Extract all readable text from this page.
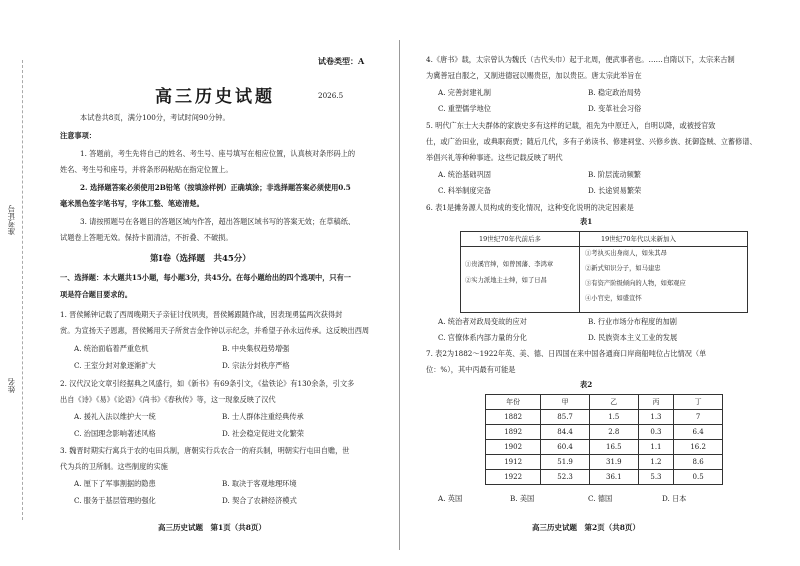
准考证号
姓名
试卷类型：A
高三历史试题	2026.5
本试卷共8页，满分100分，考试时间90分钟。
注意事项：
1. 答题前，考生先将自己的姓名、考生号、座号填写在相应位置，认真核对条形码上的
姓名、考生号和座号，并将条形码粘贴在指定位置上。
2. 选择题答案必须使用2B铅笔（按填涂样例）正确填涂；非选择题答案必须使用0.5
毫米黑色签字笔书写，字体工整、笔迹清楚。
3. 请按照题号在各题目的答题区域内作答，超出答题区域书写的答案无效；在草稿纸、
试题卷上答题无效。保持卡面清洁，不折叠、不破损。
第Ⅰ卷（选择题　共45分）
一、选择题：本大题共15小题，每小题3分，共45分。在每小题给出的四个选项中，只有一
项是符合题目要求的。
1. 晋侯鲧钟记载了西周晚期天子亲征讨伐夙夷，晋侯鲧跟随作战，因表现勇猛两次获得封
赏。为宣扬天子恩惠，晋侯鲧用天子所赏吉金作钟以示纪念，并希望子孙永远传承。这反映出西周
A. 统治面临着严重危机	B. 中央集权趋势增强
C. 王室分封对象逐渐扩大	D. 宗法分封秩序严格
2. 汉代汉论文章引经据典之风盛行，如《新书》有69条引文，《盐铁论》有130余条，引文多
出自《诗》《易》《论语》《尚书》《春秋传》等，这一现象反映了汉代
A. 援礼入法以维护大一统	B. 士人群体注重经典传承
C. 治国理念影响著述风格	D. 社会稳定促进文化繁荣
3. 魏晋时期实行寓兵于农的屯田兵制，唐朝实行兵农合一的府兵制，明朝实行屯田自赡，世
代为兵的卫所制。这些制度的实施
A. 厘下了军事割据的隐患	B. 取决于客观地理环境
C. 服务于基层管理的强化	D. 契合了农耕经济模式
高三历史试题　第1页（共8页）
4.《唐书》载，太宗曾认为魏氏（古代头巾）起于北周，便武事者也。……自隋以下，太宗来古制
为冀善冠自服之，又制进德冠以赐贵臣，加以贵臣。唐太宗此举旨在
A. 完善封建礼制	B. 稳定政治局势
C. 重塑儒学地位	D. 变革社会习俗
5. 明代广东士大夫群体的家族史多有这样的记载，祖先为中原迁入，自明以降，或被授官致
仕，或广治田业，或典职商贾；随后几代，多有子弟读书、修建祠堂、兴修乡族、抚御盗贼、立蓄修谱、
举倡兴礼等种种事迹。这些记载反映了明代
A. 统治基础巩固	B. 阶层流动频繁
C. 科举制度完备	D. 长途贸易繁荣
6. 表1是摊务源人员构成的变化情况，这种变化说明的决定因素是
表1
19世纪70年代前后多	19世纪70年代以来新加入
①贵溪官绅，如曾国藩、李鸿章
②实力派地主士绅，如了日昌
①考执买出身商人，如朱其昂
②新式知识分子，如马建忠
③有资产阶级倾向的人物，如郑观应
④小官史，如盛宣怀
A. 统治者对政局变故的应对	B. 行业市场分布程度的加剧
C. 官僚体系内部力量的分化	D. 民族资本主义工业的发展
7. 表2为1882～1922年英、美、德、日四国在来中国各通商口岸商船吨位占比情况（单
位：%），其中丙最有可能是
表2
年份	甲	乙	丙	丁
1882	85.7	1.5	1.3	7
1892	84.4	2.8	0.3	6.4
1902	60.4	16.5	1.1	16.2
1912	51.9	31.9	1.2	8.6
1922	52.3	36.1	5.3	0.5
A. 英国	B. 美国	C. 德国	D. 日本
高三历史试题　第2页（共8页）
